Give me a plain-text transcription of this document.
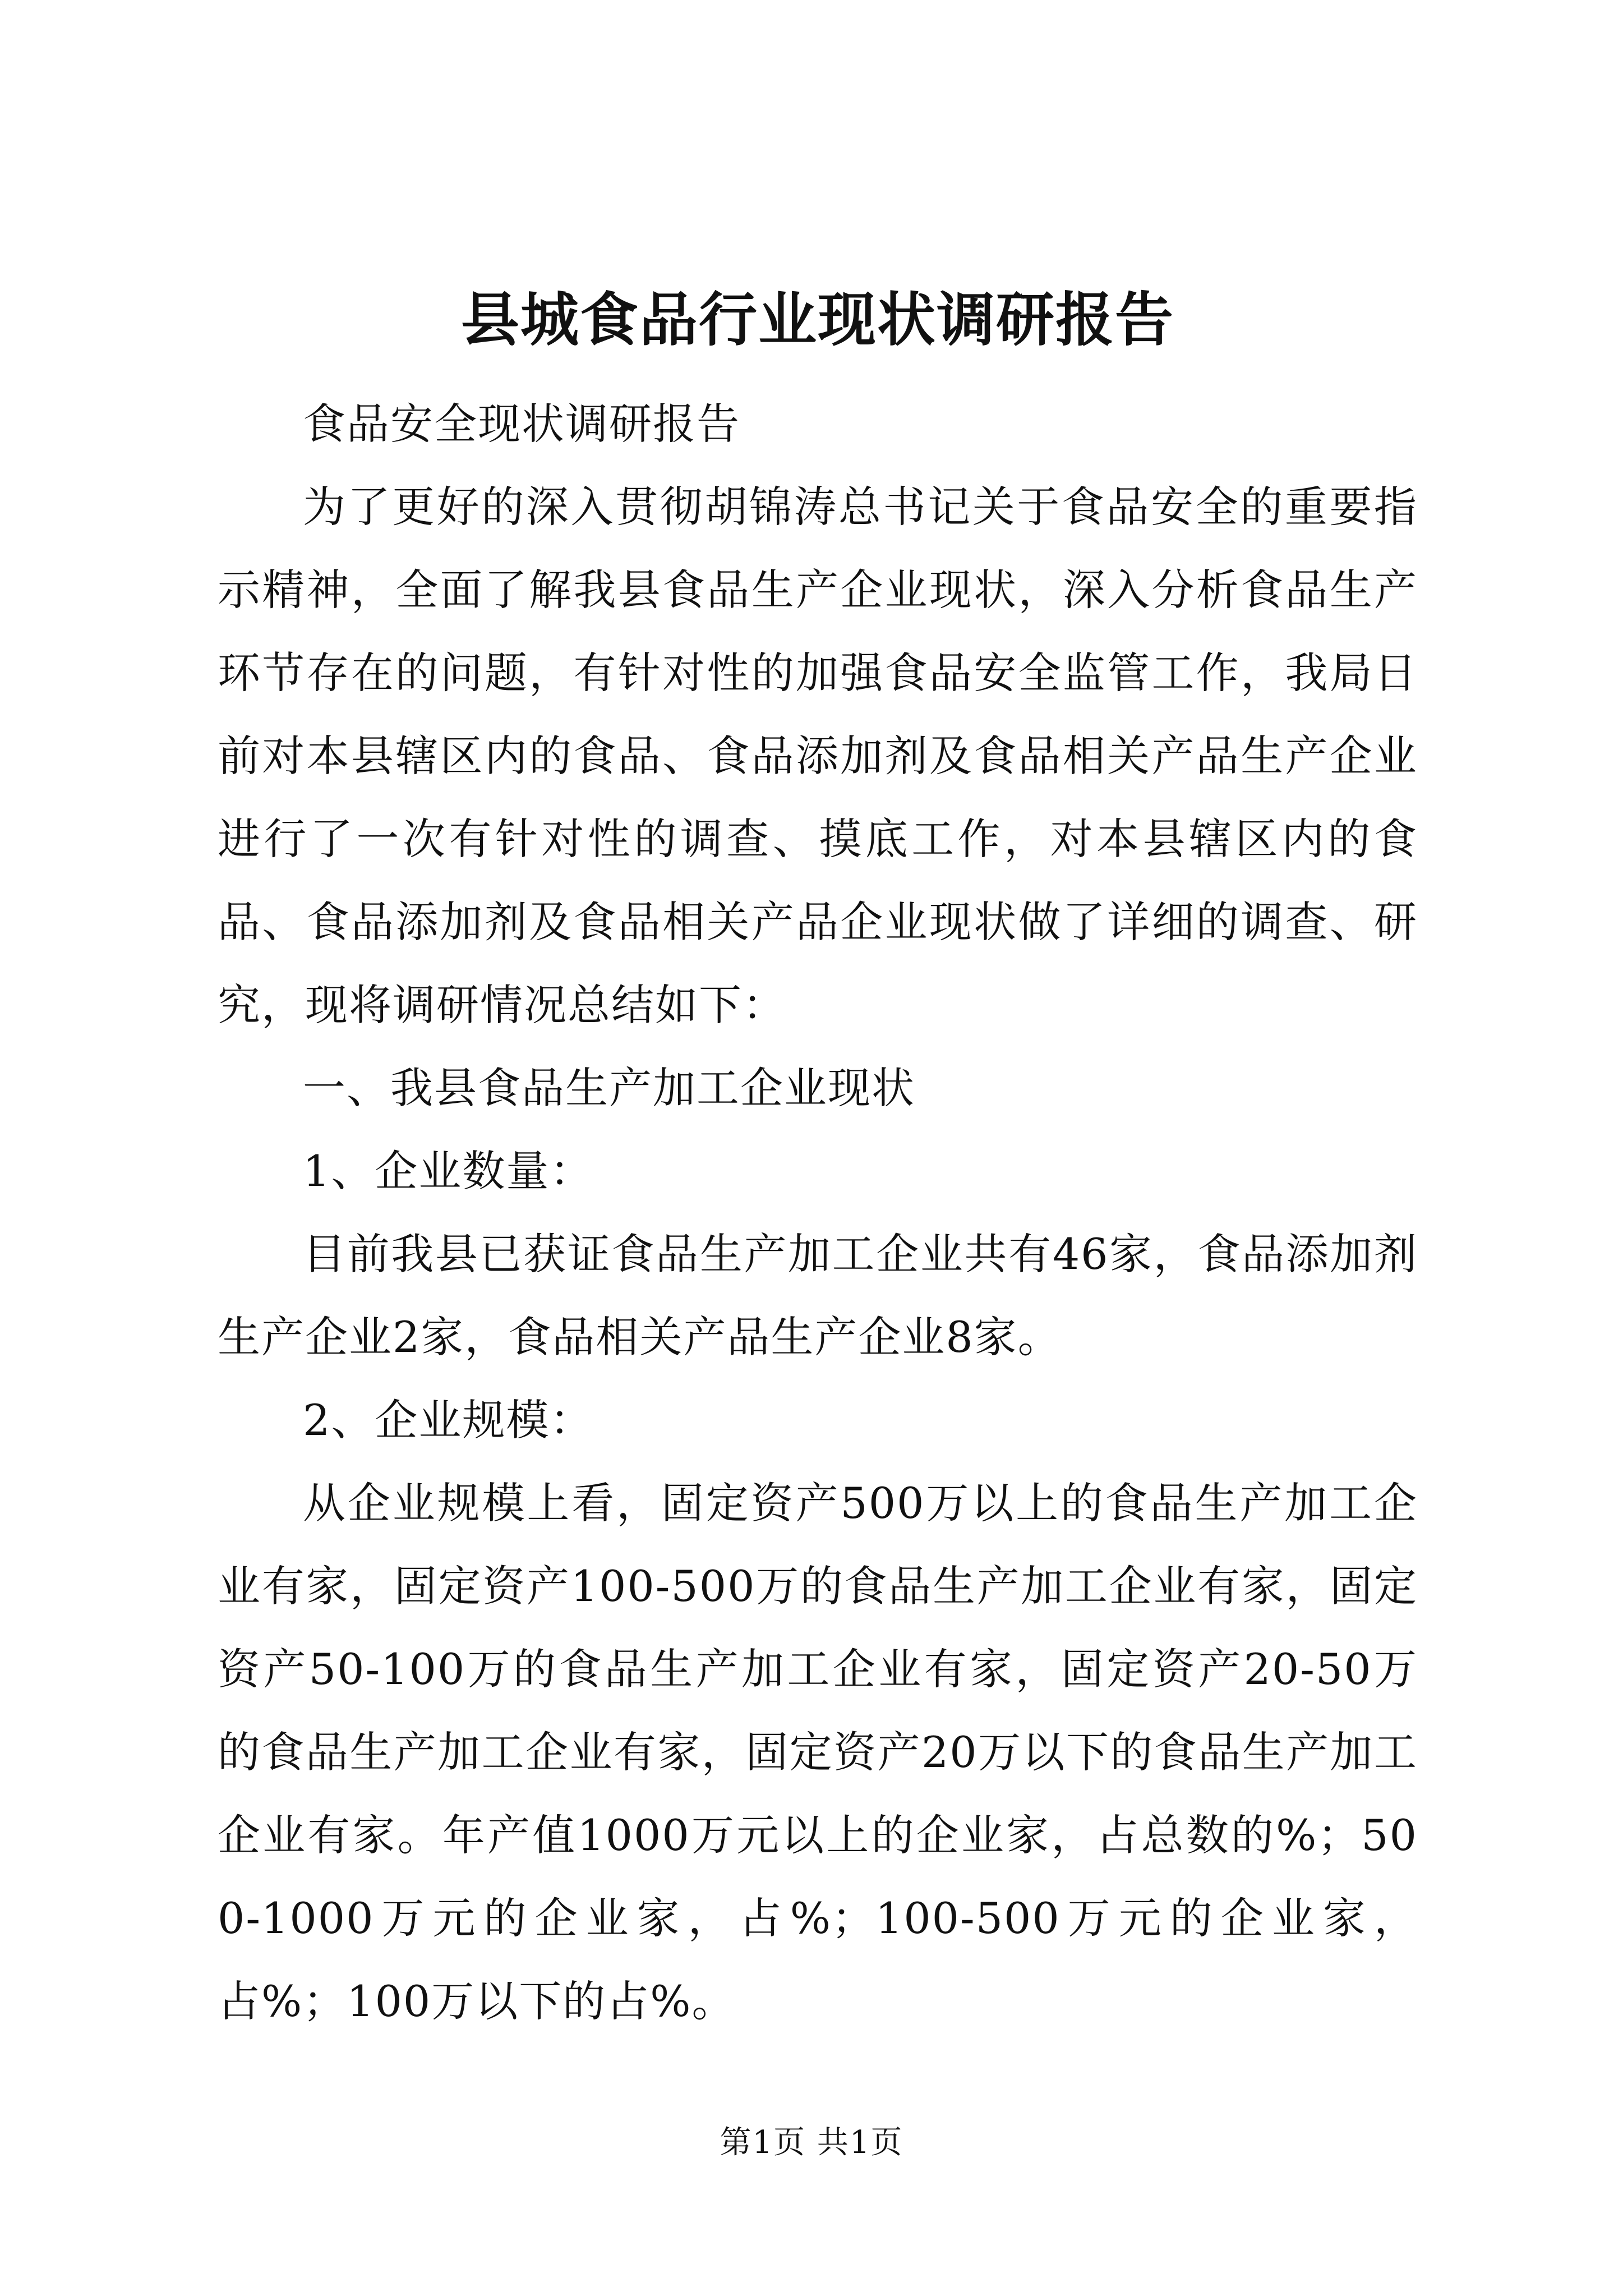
县城食品行业现状调研报告

食品安全现状调研报告

为了更好的深入贯彻胡锦涛总书记关于食品安全的重要指示精神，全面了解我县食品生产企业现状，深入分析食品生产环节存在的问题，有针对性的加强食品安全监管工作，我局日前对本县辖区内的食品、食品添加剂及食品相关产品生产企业进行了一次有针对性的调查、摸底工作，对本县辖区内的食品、食品添加剂及食品相关产品企业现状做了详细的调查、研究，现将调研情况总结如下：

一、我县食品生产加工企业现状

1、企业数量：

目前我县已获证食品生产加工企业共有46家，食品添加剂生产企业2家，食品相关产品生产企业8家。

2、企业规模：

从企业规模上看，固定资产500万以上的食品生产加工企业有家，固定资产100-500万的食品生产加工企业有家，固定资产50-100万的食品生产加工企业有家，固定资产20-50万的食品生产加工企业有家，固定资产20万以下的食品生产加工企业有家。年产值1000万元以上的企业家，占总数的%；500-1000万元的企业家，占%；100-500万元的企业家，占%；100万以下的占%。

第1页 共1页
